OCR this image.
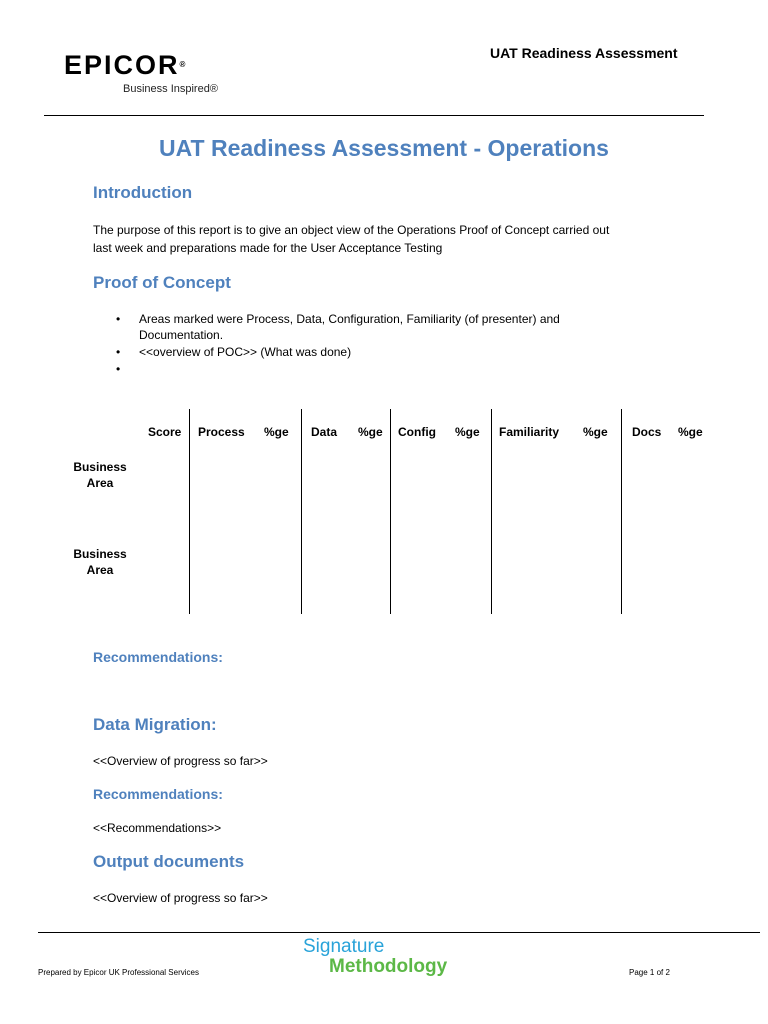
EPICOR®
Business Inspired®
UAT Readiness Assessment
UAT Readiness Assessment - Operations
Introduction
The purpose of this report is to give an object view of the Operations Proof of Concept carried out
last week and preparations made for the User Acceptance Testing
Proof of Concept
• Areas marked were Process, Data, Configuration, Familiarity (of presenter) and Documentation.
• <<overview of POC>> (What was done)
•
Score Process %ge Data %ge Config %ge Familiarity %ge Docs %ge
Business
Area
Business
Area
Recommendations:
Data Migration:
<<Overview of progress so far>>
Recommendations:
<<Recommendations>>
Output documents
<<Overview of progress so far>>
Prepared by Epicor UK Professional Services
Signature
Methodology	Page 1 of 2
